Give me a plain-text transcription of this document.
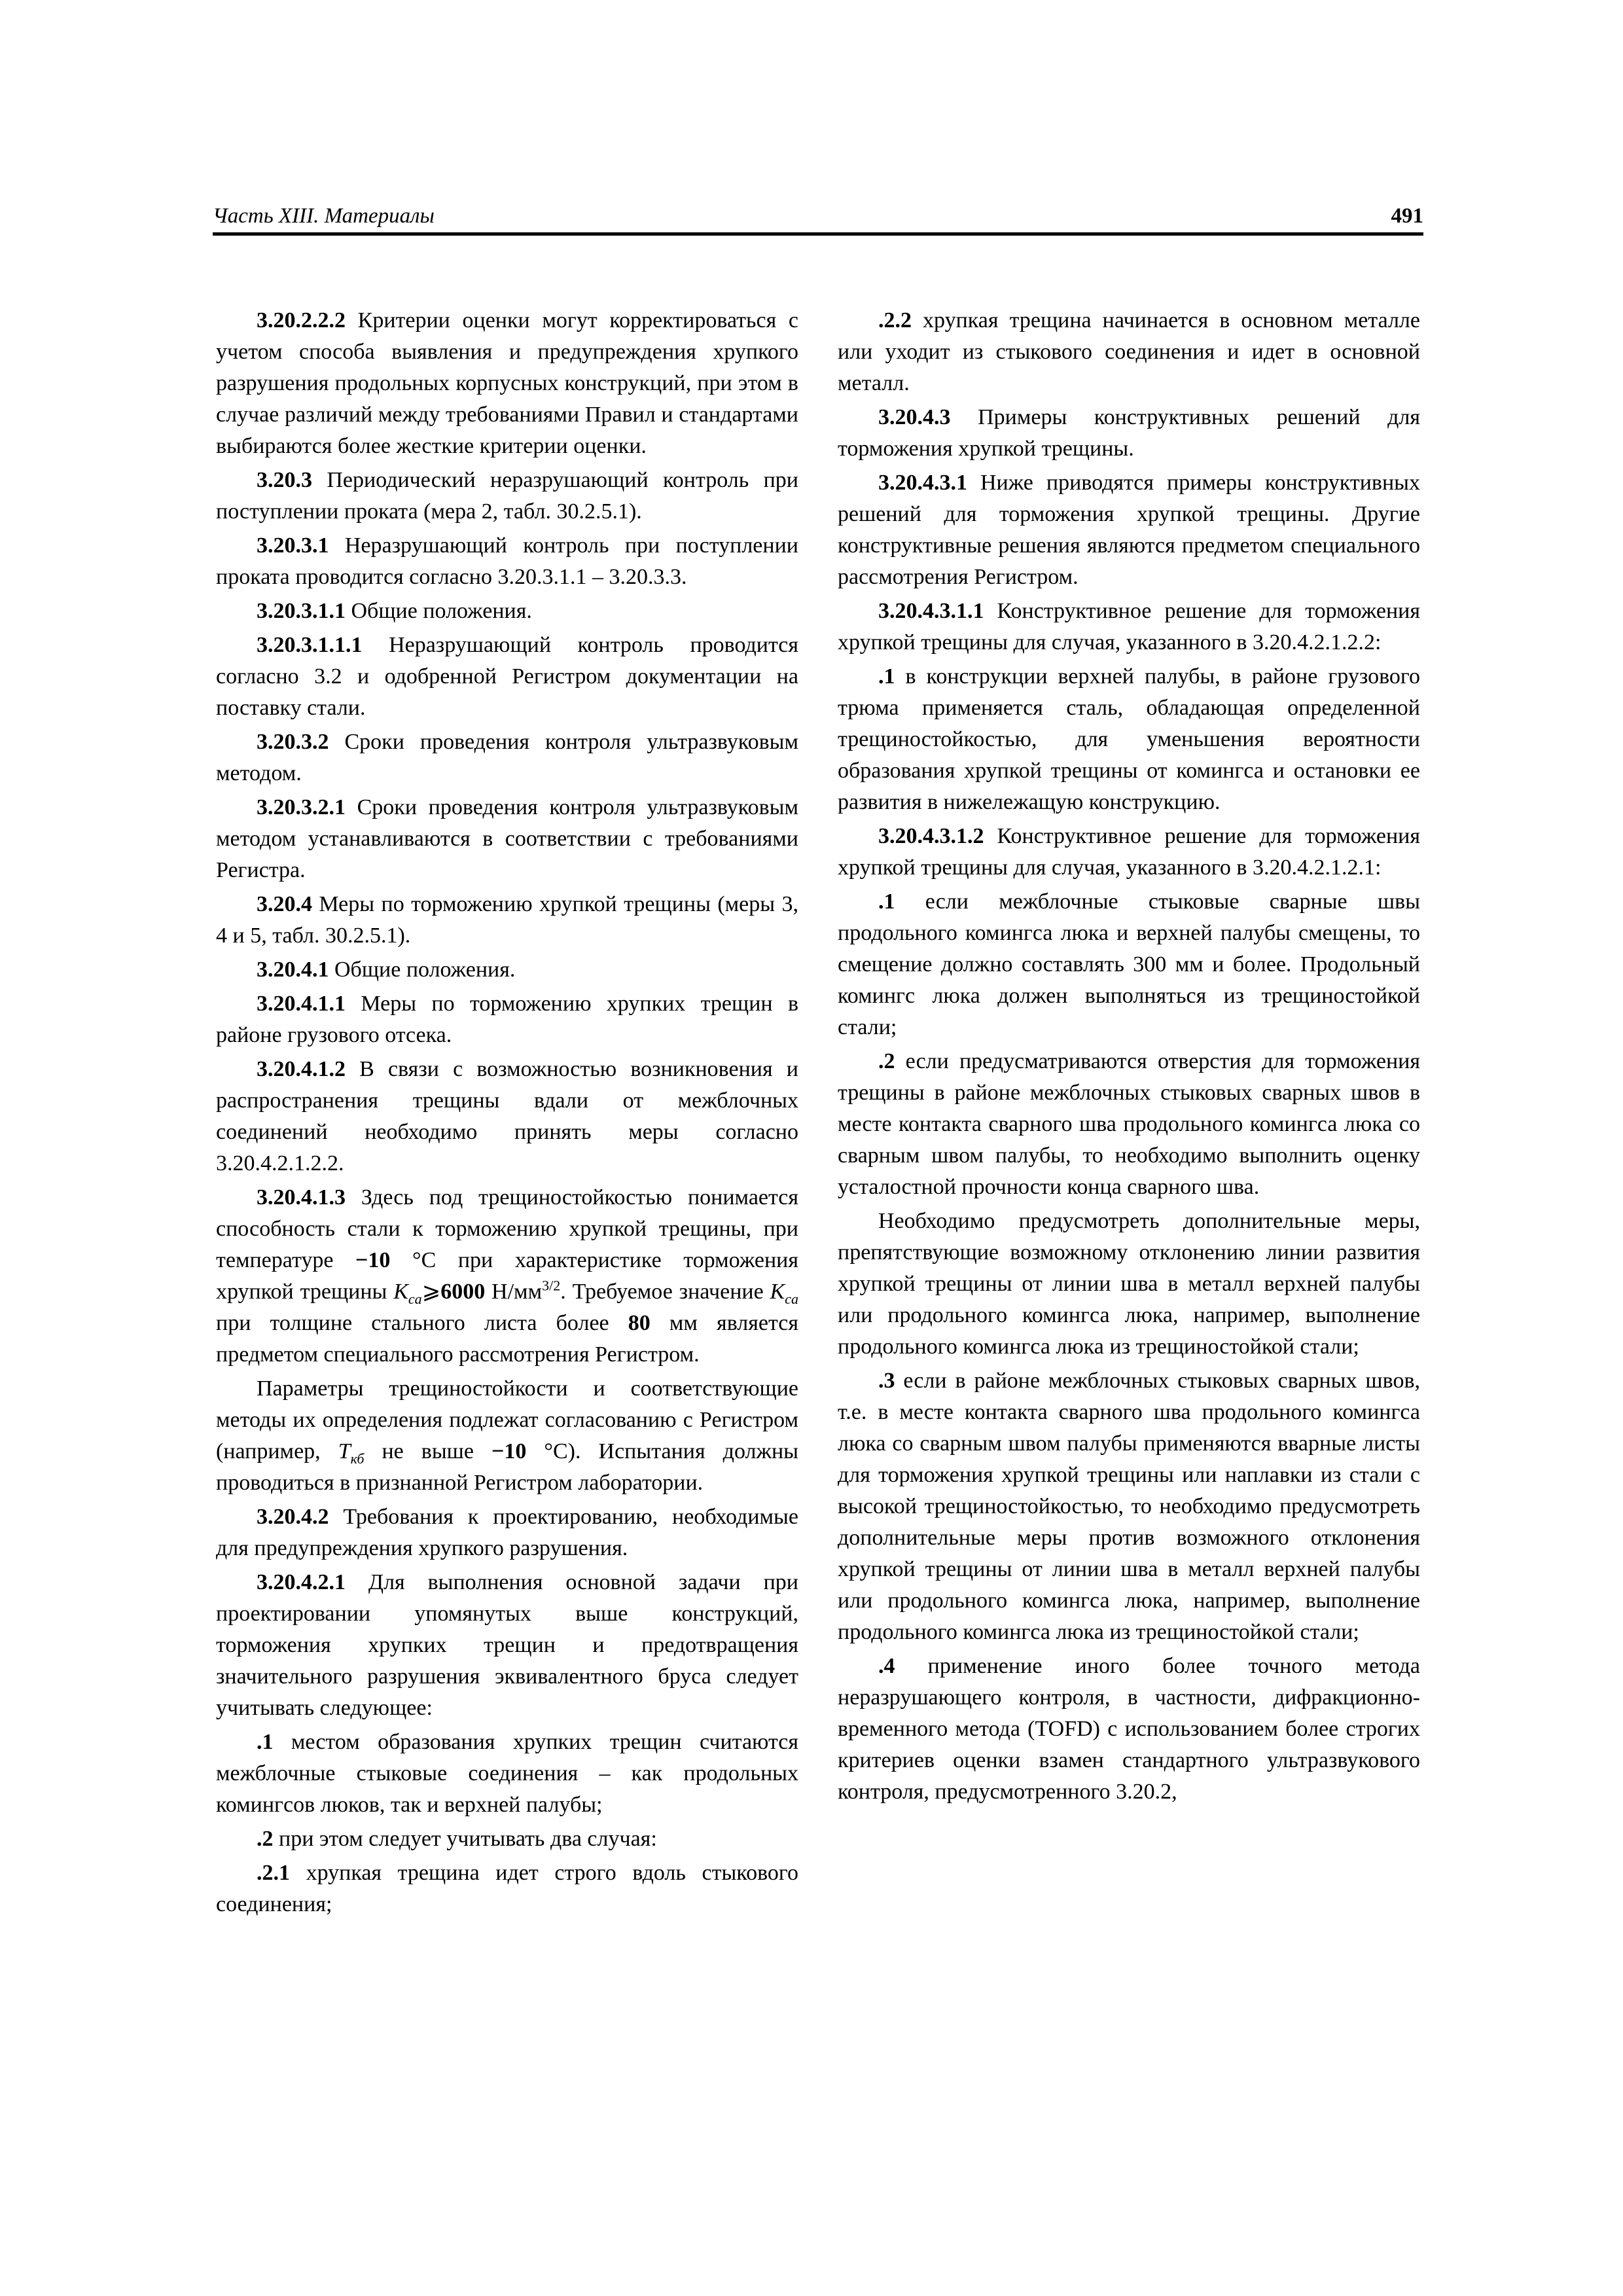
Часть XIII. Материалы	491

3.20.2.2.2 Критерии оценки могут корректироваться с учетом способа выявления и предупреждения хрупкого разрушения продольных корпусных конструкций, при этом в случае различий между требованиями Правил и стандартами выбираются более жесткие критерии оценки.

3.20.3 Периодический неразрушающий контроль при поступлении проката (мера 2, табл. 30.2.5.1).

3.20.3.1 Неразрушающий контроль при поступлении проката проводится согласно 3.20.3.1.1 – 3.20.3.3.

3.20.3.1.1 Общие положения.

3.20.3.1.1.1 Неразрушающий контроль проводится согласно 3.2 и одобренной Регистром документации на поставку стали.

3.20.3.2 Сроки проведения контроля ультразвуковым методом.

3.20.3.2.1 Сроки проведения контроля ультразвуковым методом устанавливаются в соответствии с требованиями Регистра.

3.20.4 Меры по торможению хрупкой трещины (меры 3, 4 и 5, табл. 30.2.5.1).

3.20.4.1 Общие положения.

3.20.4.1.1 Меры по торможению хрупких трещин в районе грузового отсека.

3.20.4.1.2 В связи с возможностью возникновения и распространения трещины вдали от межблочных соединений необходимо принять меры согласно 3.20.4.2.1.2.2.

3.20.4.1.3 Здесь под трещиностойкостью понимается способность стали к торможению хрупкой трещины, при температуре −10 °С при характеристике торможения хрупкой трещины $K_{ca}⩾6000$ $Н/мм^{3/2}$. Требуемое значение $K_{ca}$ при толщине стального листа более 80 мм является предметом специального рассмотрения Регистром.

Параметры трещиностойкости и соответствующие методы их определения подлежат согласованию с Регистром (например, $T_{кб}$ не выше −10 °С). Испытания должны проводиться в признанной Регистром лаборатории.

3.20.4.2 Требования к проектированию, необходимые для предупреждения хрупкого разрушения.

3.20.4.2.1 Для выполнения основной задачи при проектировании упомянутых выше конструкций, торможения хрупких трещин и предотвращения значительного разрушения эквивалентного бруса следует учитывать следующее:

.1 местом образования хрупких трещин считаются межблочные стыковые соединения – как продольных комингсов люков, так и верхней палубы;

.2 при этом следует учитывать два случая:

.2.1 хрупкая трещина идет строго вдоль стыкового соединения;

.2.2 хрупкая трещина начинается в основном металле или уходит из стыкового соединения и идет в основной металл.

3.20.4.3 Примеры конструктивных решений для торможения хрупкой трещины.

3.20.4.3.1 Ниже приводятся примеры конструктивных решений для торможения хрупкой трещины. Другие конструктивные решения являются предметом специального рассмотрения Регистром.

3.20.4.3.1.1 Конструктивное решение для торможения хрупкой трещины для случая, указанного в 3.20.4.2.1.2.2:

.1 в конструкции верхней палубы, в районе грузового трюма применяется сталь, обладающая определенной трещиностойкостью, для уменьшения вероятности образования хрупкой трещины от комингса и остановки ее развития в нижележащую конструкцию.

3.20.4.3.1.2 Конструктивное решение для торможения хрупкой трещины для случая, указанного в 3.20.4.2.1.2.1:

.1 если межблочные стыковые сварные швы продольного комингса люка и верхней палубы смещены, то смещение должно составлять 300 мм и более. Продольный комингс люка должен выполняться из трещиностойкой стали;

.2 если предусматриваются отверстия для торможения трещины в районе межблочных стыковых сварных швов в месте контакта сварного шва продольного комингса люка со сварным швом палубы, то необходимо выполнить оценку усталостной прочности конца сварного шва.

Необходимо предусмотреть дополнительные меры, препятствующие возможному отклонению линии развития хрупкой трещины от линии шва в металл верхней палубы или продольного комингса люка, например, выполнение продольного комингса люка из трещиностойкой стали;

.3 если в районе межблочных стыковых сварных швов, т.е. в месте контакта сварного шва продольного комингса люка со сварным швом палубы применяются вварные листы для торможения хрупкой трещины или наплавки из стали с высокой трещиностойкостью, то необходимо предусмотреть дополнительные меры против возможного отклонения хрупкой трещины от линии шва в металл верхней палубы или продольного комингса люка, например, выполнение продольного комингса люка из трещиностойкой стали;

.4 применение иного более точного метода неразрушающего контроля, в частности, дифракционно-временного метода (TOFD) с использованием более строгих критериев оценки взамен стандартного ультразвукового контроля, предусмотренного 3.20.2,
